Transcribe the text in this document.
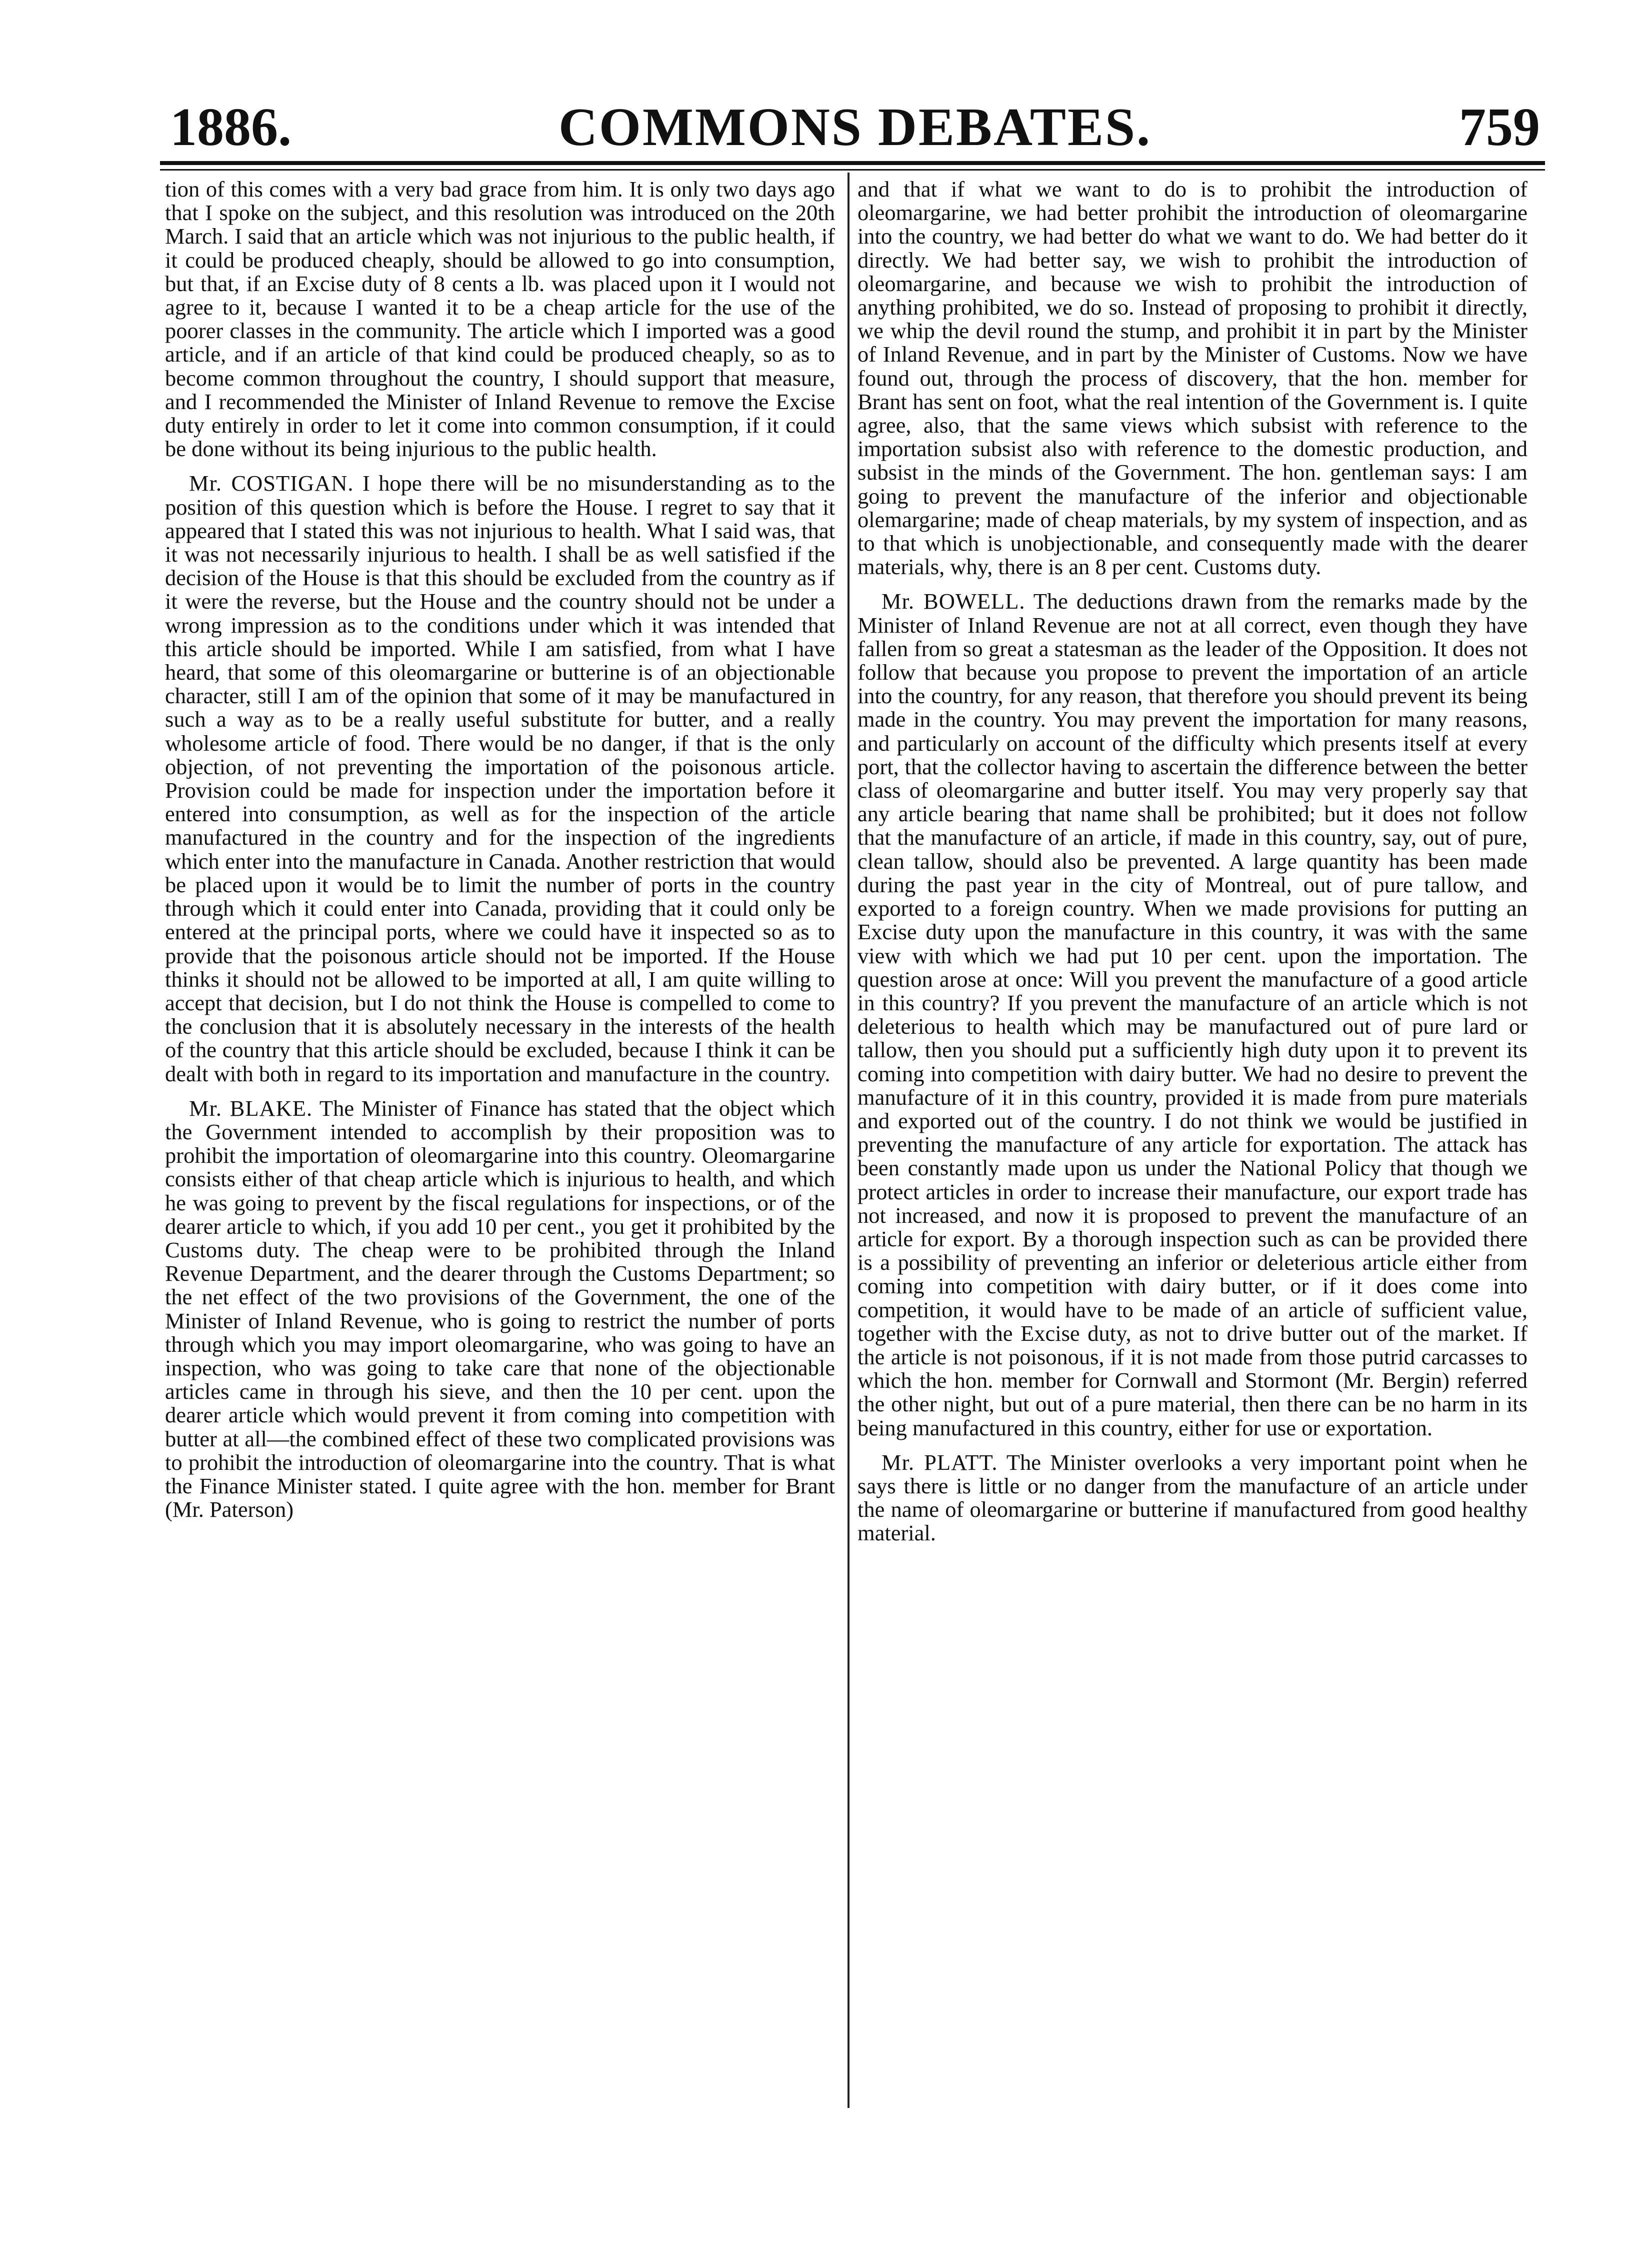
1886.	COMMONS DEBATES.	759

tion of this comes with a very bad grace from him. It is only two days ago that I spoke on the subject, and this resolution was introduced on the 20th March. I said that an article which was not injurious to the public health, if it could be produced cheaply, should be allowed to go into consumption, but that, if an Excise duty of 8 cents a lb. was placed upon it I would not agree to it, because I wanted it to be a cheap article for the use of the poorer classes in the community. The article which I imported was a good article, and if an article of that kind could be produced cheaply, so as to become common throughout the country, I should support that measure, and I recommended the Minister of Inland Revenue to remove the Excise duty entirely in order to let it come into common consumption, if it could be done without its being injurious to the public health.

Mr. COSTIGAN. I hope there will be no misunderstanding as to the position of this question which is before the House. I regret to say that it appeared that I stated this was not injurious to health. What I said was, that it was not necessarily injurious to health. I shall be as well satisfied if the decision of the House is that this should be excluded from the country as if it were the reverse, but the House and the country should not be under a wrong impression as to the conditions under which it was intended that this article should be imported. While I am satisfied, from what I have heard, that some of this oleomargarine or butterine is of an objectionable character, still I am of the opinion that some of it may be manufactured in such a way as to be a really useful substitute for butter, and a really wholesome article of food. There would be no danger, if that is the only objection, of not preventing the importation of the poisonous article. Provision could be made for inspection under the importation before it entered into consumption, as well as for the inspection of the article manufactured in the country and for the inspection of the ingredients which enter into the manufacture in Canada. Another restriction that would be placed upon it would be to limit the number of ports in the country through which it could enter into Canada, providing that it could only be entered at the principal ports, where we could have it inspected so as to provide that the poisonous article should not be imported. If the House thinks it should not be allowed to be imported at all, I am quite willing to accept that decision, but I do not think the House is compelled to come to the conclusion that it is absolutely necessary in the interests of the health of the country that this article should be excluded, because I think it can be dealt with both in regard to its importation and manufacture in the country.

Mr. BLAKE. The Minister of Finance has stated that the object which the Government intended to accomplish by their proposition was to prohibit the importation of oleomargarine into this country. Oleomargarine consists either of that cheap article which is injurious to health, and which he was going to prevent by the fiscal regulations for inspections, or of the dearer article to which, if you add 10 per cent., you get it prohibited by the Customs duty. The cheap were to be prohibited through the Inland Revenue Department, and the dearer through the Customs Department; so the net effect of the two provisions of the Government, the one of the Minister of Inland Revenue, who is going to restrict the number of ports through which you may import oleomargarine, who was going to have an inspection, who was going to take care that none of the objectionable articles came in through his sieve, and then the 10 per cent. upon the dearer article which would prevent it from coming into competition with butter at all—the combined effect of these two complicated provisions was to prohibit the introduction of oleomargarine into the country. That is what the Finance Minister stated. I quite agree with the hon. member for Brant (Mr. Paterson)

and that if what we want to do is to prohibit the introduction of oleomargarine, we had better prohibit the introduction of oleomargarine into the country, we had better do what we want to do. We had better do it directly. We had better say, we wish to prohibit the introduction of oleomargarine, and because we wish to prohibit the introduction of anything prohibited, we do so. Instead of proposing to prohibit it directly, we whip the devil round the stump, and prohibit it in part by the Minister of Inland Revenue, and in part by the Minister of Customs. Now we have found out, through the process of discovery, that the hon. member for Brant has sent on foot, what the real intention of the Government is. I quite agree, also, that the same views which subsist with reference to the importation subsist also with reference to the domestic production, and subsist in the minds of the Government. The hon. gentleman says: I am going to prevent the manufacture of the inferior and objectionable olemargarine; made of cheap materials, by my system of inspection, and as to that which is unobjectionable, and consequently made with the dearer materials, why, there is an 8 per cent. Customs duty.

Mr. BOWELL. The deductions drawn from the remarks made by the Minister of Inland Revenue are not at all correct, even though they have fallen from so great a statesman as the leader of the Opposition. It does not follow that because you propose to prevent the importation of an article into the country, for any reason, that therefore you should prevent its being made in the country. You may prevent the importation for many reasons, and particularly on account of the difficulty which presents itself at every port, that the collector having to ascertain the difference between the better class of oleomargarine and butter itself. You may very properly say that any article bearing that name shall be prohibited; but it does not follow that the manufacture of an article, if made in this country, say, out of pure, clean tallow, should also be prevented. A large quantity has been made during the past year in the city of Montreal, out of pure tallow, and exported to a foreign country. When we made provisions for putting an Excise duty upon the manufacture in this country, it was with the same view with which we had put 10 per cent. upon the importation. The question arose at once: Will you prevent the manufacture of a good article in this country? If you prevent the manufacture of an article which is not deleterious to health which may be manufactured out of pure lard or tallow, then you should put a sufficiently high duty upon it to prevent its coming into competition with dairy butter. We had no desire to prevent the manufacture of it in this country, provided it is made from pure materials and exported out of the country. I do not think we would be justified in preventing the manufacture of any article for exportation. The attack has been constantly made upon us under the National Policy that though we protect articles in order to increase their manufacture, our export trade has not increased, and now it is proposed to prevent the manufacture of an article for export. By a thorough inspection such as can be provided there is a possibility of preventing an inferior or deleterious article either from coming into competition with dairy butter, or if it does come into competition, it would have to be made of an article of sufficient value, together with the Excise duty, as not to drive butter out of the market. If the article is not poisonous, if it is not made from those putrid carcasses to which the hon. member for Cornwall and Stormont (Mr. Bergin) referred the other night, but out of a pure material, then there can be no harm in its being manufactured in this country, either for use or exportation.

Mr. PLATT. The Minister overlooks a very important point when he says there is little or no danger from the manufacture of an article under the name of oleomargarine or butterine if manufactured from good healthy material.
